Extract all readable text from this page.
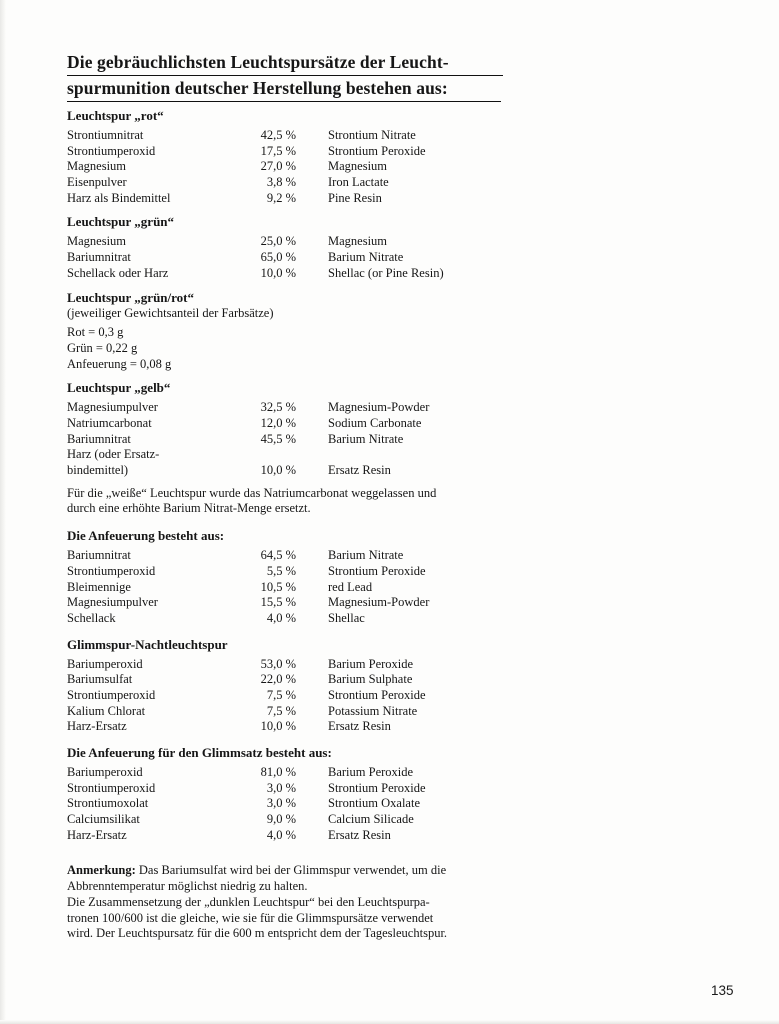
Die gebräuchlichsten Leuchtspursätze der Leucht-
spurmunition deutscher Herstellung bestehen aus:
Leuchtspur „rot“
Strontiumnitrat	42,5 %	Strontium Nitrate
Strontiumperoxid	17,5 %	Strontium Peroxide
Magnesium	27,0 %	Magnesium
Eisenpulver	3,8 %	Iron Lactate
Harz als Bindemittel	9,2 %	Pine Resin
Leuchtspur „grün“
Magnesium	25,0 %	Magnesium
Bariumnitrat	65,0 %	Barium Nitrate
Schellack oder Harz	10,0 %	Shellac (or Pine Resin)
Leuchtspur „grün/rot“
(jeweiliger Gewichtsanteil der Farbsätze)
Rot = 0,3 g
Grün = 0,22 g
Anfeuerung = 0,08 g
Leuchtspur „gelb“
Magnesiumpulver	32,5 %	Magnesium-Powder
Natriumcarbonat	12,0 %	Sodium Carbonate
Bariumnitrat	45,5 %	Barium Nitrate
Harz (oder Ersatz-
bindemittel)	10,0 %	Ersatz Resin
Für die „weiße“ Leuchtspur wurde das Natriumcarbonat weggelassen und
durch eine erhöhte Barium Nitrat-Menge ersetzt.
Die Anfeuerung besteht aus:
Bariumnitrat	64,5 %	Barium Nitrate
Strontiumperoxid	5,5 %	Strontium Peroxide
Bleimennige	10,5 %	red Lead
Magnesiumpulver	15,5 %	Magnesium-Powder
Schellack	4,0 %	Shellac
Glimmspur-Nachtleuchtspur
Bariumperoxid	53,0 %	Barium Peroxide
Bariumsulfat	22,0 %	Barium Sulphate
Strontiumperoxid	7,5 %	Strontium Peroxide
Kalium Chlorat	7,5 %	Potassium Nitrate
Harz-Ersatz	10,0 %	Ersatz Resin
Die Anfeuerung für den Glimmsatz besteht aus:
Bariumperoxid	81,0 %	Barium Peroxide
Strontiumperoxid	3,0 %	Strontium Peroxide
Strontiumoxolat	3,0 %	Strontium Oxalate
Calciumsilikat	9,0 %	Calcium Silicade
Harz-Ersatz	4,0 %	Ersatz Resin
Anmerkung: Das Bariumsulfat wird bei der Glimmspur verwendet, um die
Abbrenntemperatur möglichst niedrig zu halten.
Die Zusammensetzung der „dunklen Leuchtspur“ bei den Leuchtspurpa-
tronen 100/600 ist die gleiche, wie sie für die Glimmspursätze verwendet
wird. Der Leuchtspursatz für die 600 m entspricht dem der Tagesleuchtspur.
135
